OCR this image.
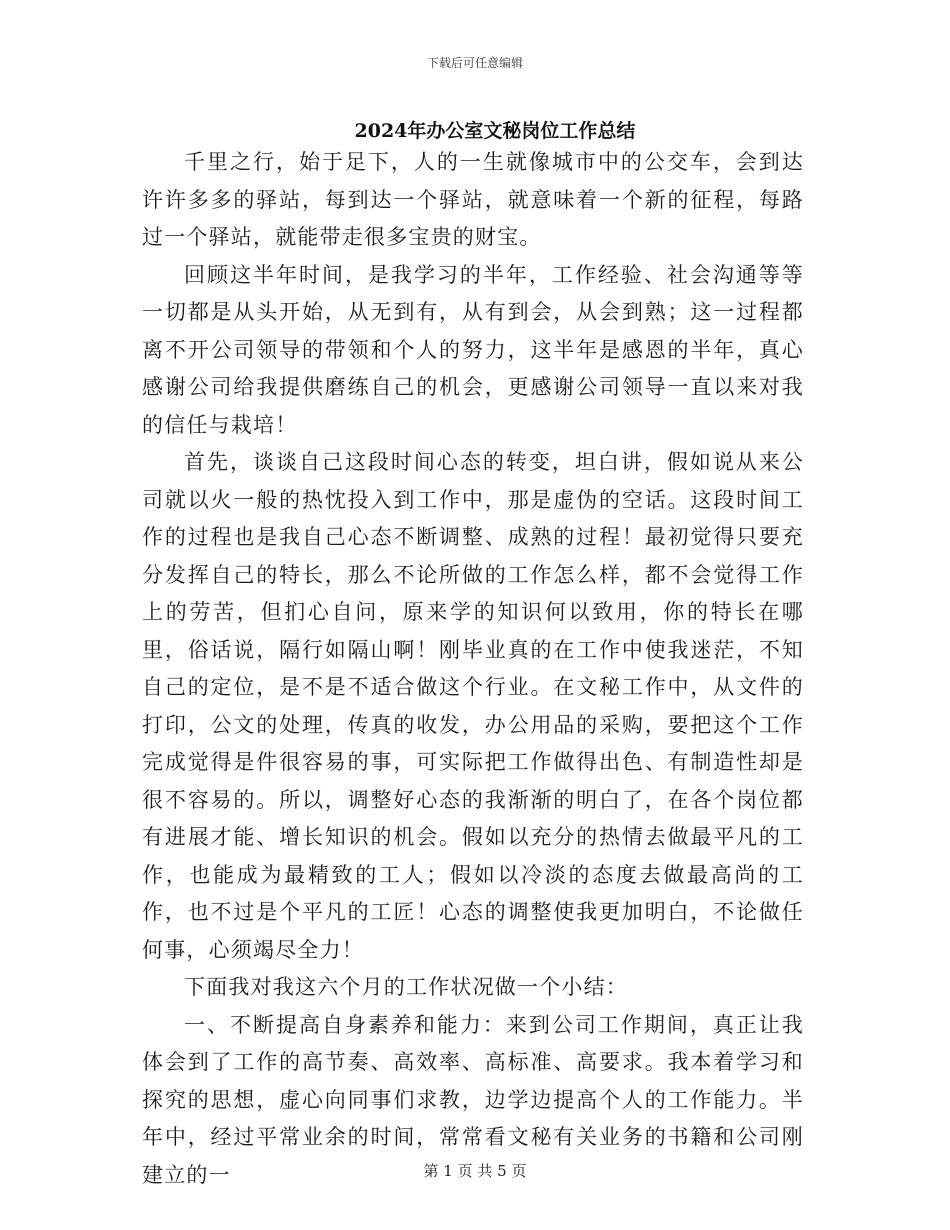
下载后可任意编辑
2024年办公室文秘岗位工作总结

千里之行，始于足下，人的一生就像城市中的公交车，会到达许许多多的驿站，每到达一个驿站，就意味着一个新的征程，每路过一个驿站，就能带走很多宝贵的财宝。

回顾这半年时间，是我学习的半年，工作经验、社会沟通等等一切都是从头开始，从无到有，从有到会，从会到熟；这一过程都离不开公司领导的带领和个人的努力，这半年是感恩的半年，真心感谢公司给我提供磨练自己的机会，更感谢公司领导一直以来对我的信任与栽培！

首先，谈谈自己这段时间心态的转变，坦白讲，假如说从来公司就以火一般的热忱投入到工作中，那是虚伪的空话。这段时间工作的过程也是我自己心态不断调整、成熟的过程！最初觉得只要充分发挥自己的特长，那么不论所做的工作怎么样，都不会觉得工作上的劳苦，但扪心自问，原来学的知识何以致用，你的特长在哪里，俗话说，隔行如隔山啊！刚毕业真的在工作中使我迷茫，不知自己的定位，是不是不适合做这个行业。在文秘工作中，从文件的打印，公文的处理，传真的收发，办公用品的采购，要把这个工作完成觉得是件很容易的事，可实际把工作做得出色、有制造性却是很不容易的。所以，调整好心态的我渐渐的明白了，在各个岗位都有进展才能、增长知识的机会。假如以充分的热情去做最平凡的工作，也能成为最精致的工人；假如以冷淡的态度去做最高尚的工作，也不过是个平凡的工匠！心态的调整使我更加明白，不论做任何事，心须竭尽全力！

下面我对我这六个月的工作状况做一个小结：

一、不断提高自身素养和能力：来到公司工作期间，真正让我体会到了工作的高节奏、高效率、高标准、高要求。我本着学习和探究的思想，虚心向同事们求教，边学边提高个人的工作能力。半年中，经过平常业余的时间，常常看文秘有关业务的书籍和公司刚建立的一	第 1 页 共 5 页
